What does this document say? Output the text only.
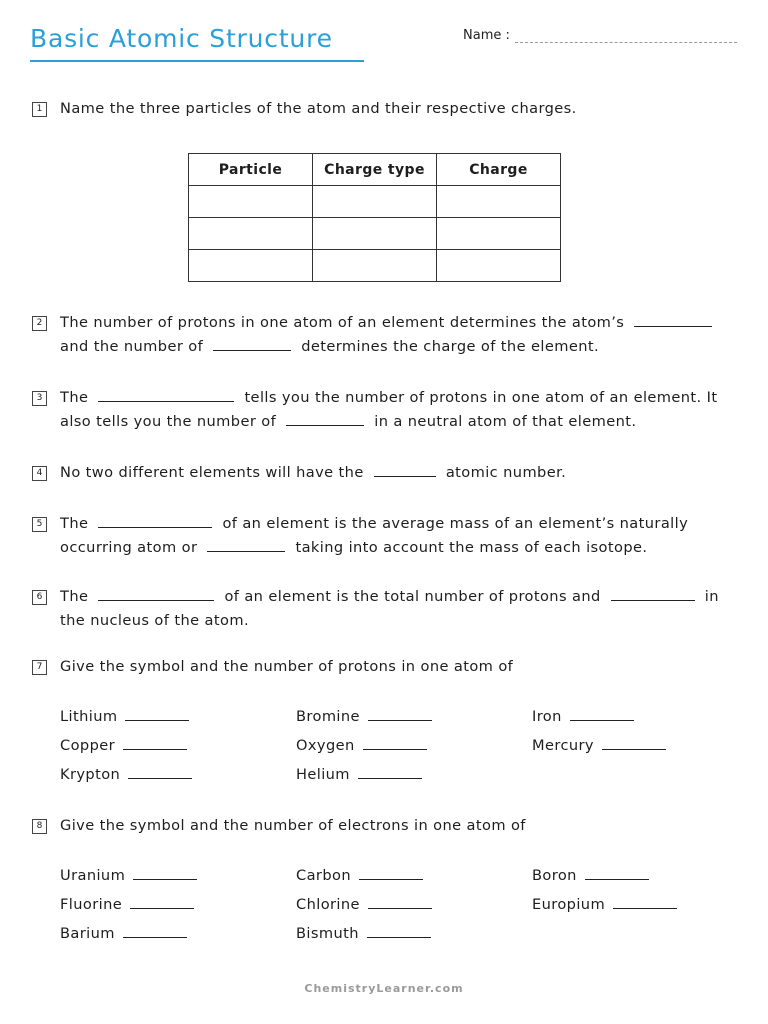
Basic Atomic Structure	Name :
1	Name the three particles of the atom and their respective charges.
Particle	Charge type	Charge

2	The number of protons in one atom of an element determines the atom’s
and the number of	determines the charge of the element.
3	The	tells you the number of protons in one atom of an element. It
also tells you the number of	in a neutral atom of that element.
4	No two different elements will have the	atomic number.
5	The	of an element is the average mass of an element’s naturally
occurring atom or	taking into account the mass of each isotope.
6	The	of an element is the total number of protons and	in
the nucleus of the atom.
7	Give the symbol and the number of protons in one atom of
Lithium	Bromine	Iron
Copper	Oxygen	Mercury
Krypton	Helium
8	Give the symbol and the number of electrons in one atom of
Uranium	Carbon	Boron
Fluorine	Chlorine	Europium
Barium	Bismuth
ChemistryLearner.com
